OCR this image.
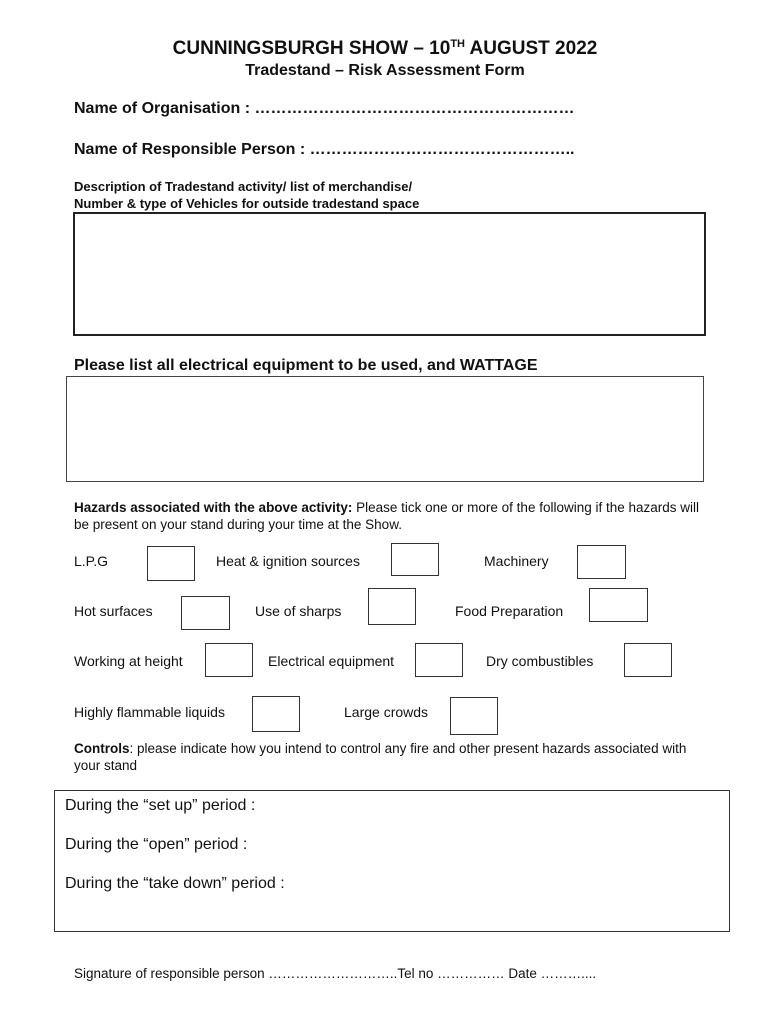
CUNNINGSBURGH SHOW – 10TH AUGUST 2022
Tradestand – Risk Assessment Form
Name of Organisation : ……………………………………………………
Name of Responsible Person : …………………………………………..
Description of Tradestand activity/ list of merchandise/
Number & type of Vehicles for outside tradestand space
Please list all electrical equipment to be used, and WATTAGE
Hazards associated with the above activity: Please tick one or more of the following if the hazards will be present on your stand during your time at the Show.
L.P.G	Heat & ignition sources	Machinery
Hot surfaces	Use of sharps	Food Preparation
Working at height	Electrical equipment	Dry combustibles
Highly flammable liquids	Large crowds
Controls: please indicate how you intend to control any fire and other present hazards associated with your stand
During the “set up” period :
During the “open” period :
During the “take down” period :
Signature of responsible person ………………………..Tel no …………… Date ………....
